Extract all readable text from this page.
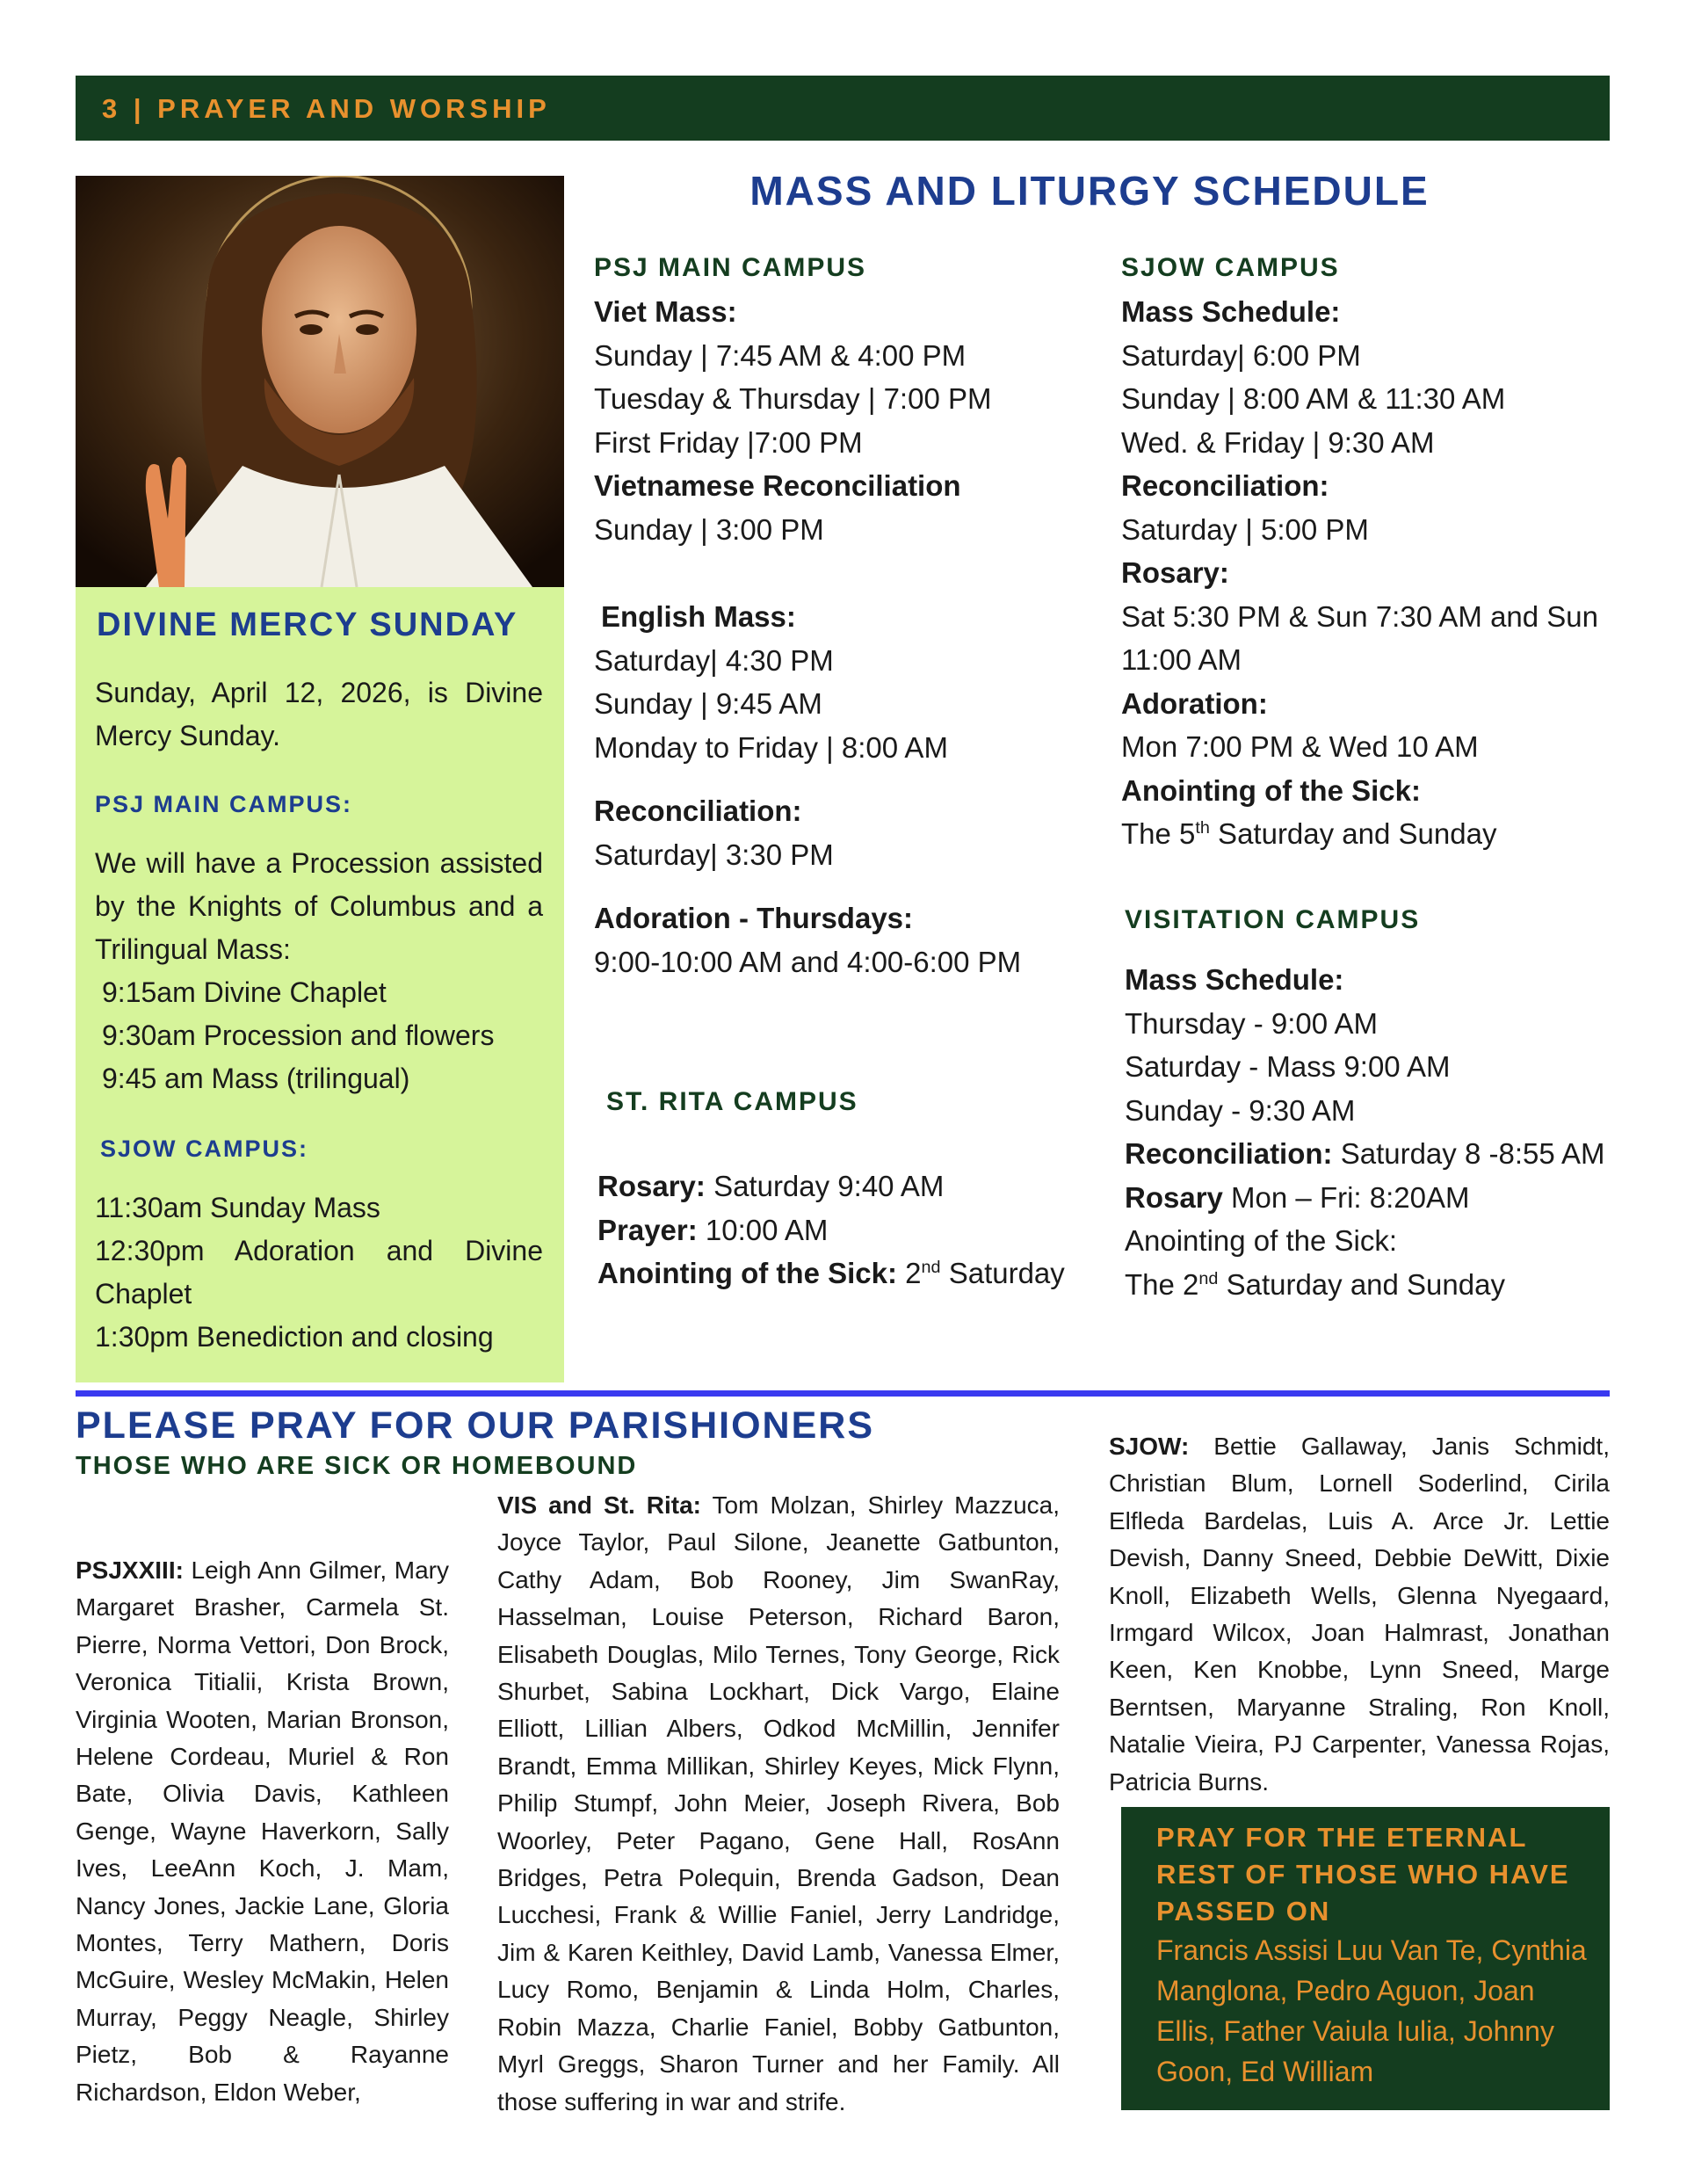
3 | PRAYER AND WORSHIP
DIVINE MERCY SUNDAY
Sunday, April 12, 2026, is Divine Mercy Sunday.
PSJ MAIN CAMPUS:
We will have a Procession assisted by the Knights of Columbus and a Trilingual Mass:
9:15am Divine Chaplet
9:30am Procession and flowers
9:45 am Mass (trilingual)
SJOW CAMPUS:
11:30am Sunday Mass
12:30pm Adoration and Divine Chaplet
1:30pm Benediction and closing
MASS AND LITURGY SCHEDULE
PSJ MAIN CAMPUS
Viet Mass:
Sunday | 7:45 AM & 4:00 PM
Tuesday & Thursday | 7:00 PM
First Friday |7:00 PM
Vietnamese Reconciliation
Sunday | 3:00 PM
English Mass:
Saturday| 4:30 PM
Sunday | 9:45 AM
Monday to Friday | 8:00 AM
Reconciliation:
Saturday| 3:30 PM
Adoration - Thursdays:
9:00-10:00 AM and 4:00-6:00 PM
ST. RITA CAMPUS
Rosary: Saturday 9:40 AM
Prayer: 10:00 AM
Anointing of the Sick: 2nd Saturday
SJOW CAMPUS
Mass Schedule:
Saturday| 6:00 PM
Sunday | 8:00 AM & 11:30 AM
Wed. & Friday | 9:30 AM
Reconciliation:
Saturday | 5:00 PM
Rosary:
Sat 5:30 PM & Sun 7:30 AM and Sun 11:00 AM
Adoration:
Mon 7:00 PM & Wed 10 AM
Anointing of the Sick:
The 5th Saturday and Sunday
VISITATION CAMPUS
Mass Schedule:
Thursday - 9:00 AM
Saturday - Mass 9:00 AM
Sunday - 9:30 AM
Reconciliation: Saturday 8 -8:55 AM
Rosary Mon – Fri: 8:20AM
Anointing of the Sick:
The 2nd Saturday and Sunday
PLEASE PRAY FOR OUR PARISHIONERS
THOSE WHO ARE SICK OR HOMEBOUND
PSJXXIII: Leigh Ann Gilmer, Mary Margaret Brasher, Carmela St. Pierre, Norma Vettori, Don Brock, Veronica Titialii, Krista Brown, Virginia Wooten, Marian Bronson, Helene Cordeau, Muriel & Ron Bate, Olivia Davis, Kathleen Genge, Wayne Haverkorn, Sally Ives, LeeAnn Koch, J. Mam, Nancy Jones, Jackie Lane, Gloria Montes, Terry Mathern, Doris McGuire, Wesley McMakin, Helen Murray, Peggy Neagle, Shirley Pietz, Bob & Rayanne Richardson, Eldon Weber,
VIS and St. Rita: Tom Molzan, Shirley Mazzuca, Joyce Taylor, Paul Silone, Jeanette Gatbunton, Cathy Adam, Bob Rooney, Jim SwanRay, Hasselman, Louise Peterson, Richard Baron, Elisabeth Douglas, Milo Ternes, Tony George, Rick Shurbet, Sabina Lockhart, Dick Vargo, Elaine Elliott, Lillian Albers, Odkod McMillin, Jennifer Brandt, Emma Millikan, Shirley Keyes, Mick Flynn, Philip Stumpf, John Meier, Joseph Rivera, Bob Woorley, Peter Pagano, Gene Hall, RosAnn Bridges, Petra Polequin, Brenda Gadson, Dean Lucchesi, Frank & Willie Faniel, Jerry Landridge, Jim & Karen Keithley, David Lamb, Vanessa Elmer, Lucy Romo, Benjamin & Linda Holm, Charles, Robin Mazza, Charlie Faniel, Bobby Gatbunton, Myrl Greggs, Sharon Turner and her Family. All those suffering in war and strife.
SJOW: Bettie Gallaway, Janis Schmidt, Christian Blum, Lornell Soderlind, Cirila Elfleda Bardelas, Luis A. Arce Jr. Lettie Devish, Danny Sneed, Debbie DeWitt, Dixie Knoll, Elizabeth Wells, Glenna Nyegaard, Irmgard Wilcox, Joan Halmrast, Jonathan Keen, Ken Knobbe, Lynn Sneed, Marge Berntsen, Maryanne Straling, Ron Knoll, Natalie Vieira, PJ Carpenter, Vanessa Rojas, Patricia Burns.
PRAY FOR THE ETERNAL REST OF THOSE WHO HAVE PASSED ON
Francis Assisi Luu Van Te, Cynthia Manglona, Pedro Aguon, Joan Ellis, Father Vaiula Iulia, Johnny Goon, Ed William
